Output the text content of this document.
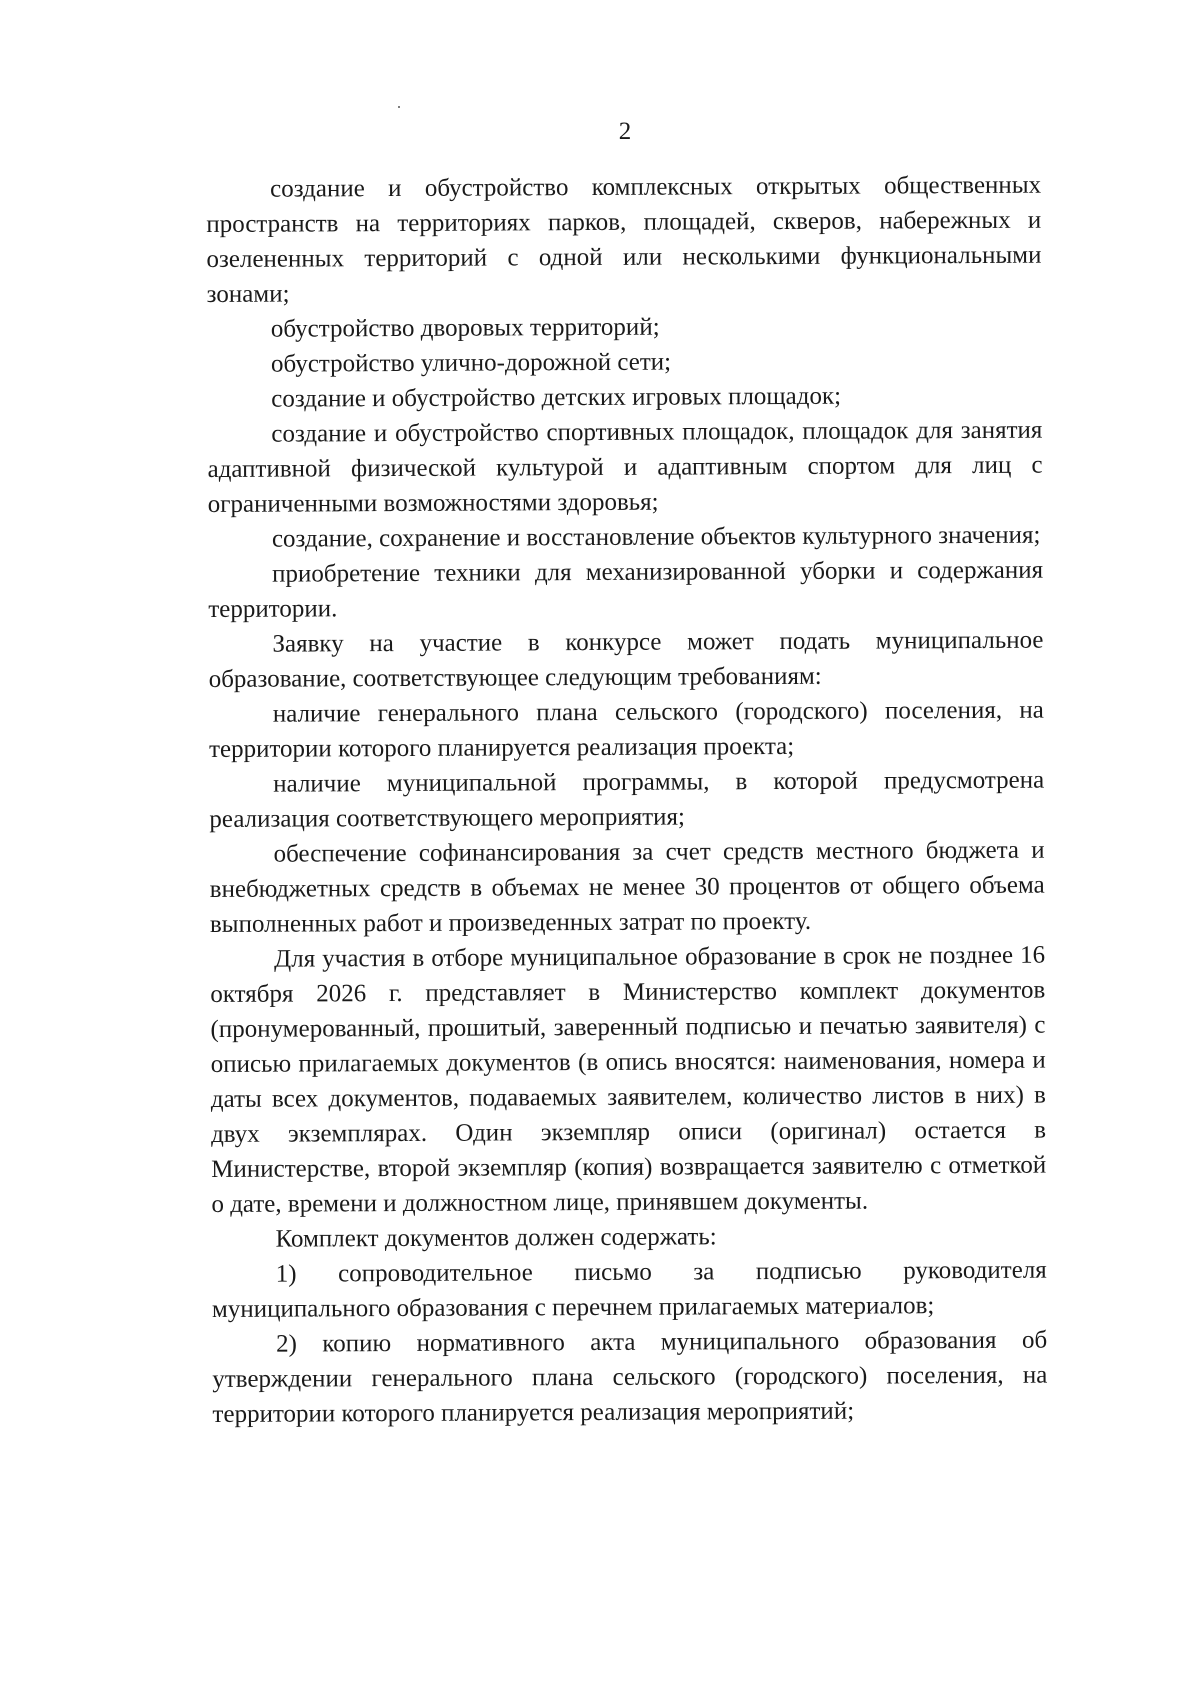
2

создание и обустройство комплексных открытых общественных пространств на территориях парков, площадей, скверов, набережных и озелененных территорий с одной или несколькими функциональными зонами;

обустройство дворовых территорий;

обустройство улично-дорожной сети;

создание и обустройство детских игровых площадок;

создание и обустройство спортивных площадок, площадок для занятия адаптивной физической культурой и адаптивным спортом для лиц с ограниченными возможностями здоровья;

создание, сохранение и восстановление объектов культурного значения;

приобретение техники для механизированной уборки и содержания территории.

Заявку на участие в конкурсе может подать муниципальное образование, соответствующее следующим требованиям:

наличие генерального плана сельского (городского) поселения, на территории которого планируется реализация проекта;

наличие муниципальной программы, в которой предусмотрена реализация соответствующего мероприятия;

обеспечение софинансирования за счет средств местного бюджета и внебюджетных средств в объемах не менее 30 процентов от общего объема выполненных работ и произведенных затрат по проекту.

Для участия в отборе муниципальное образование в срок не позднее 16 октября 2026 г. представляет в Министерство комплект документов (пронумерованный, прошитый, заверенный подписью и печатью заявителя) с описью прилагаемых документов (в опись вносятся: наименования, номера и даты всех документов, подаваемых заявителем, количество листов в них) в двух экземплярах. Один экземпляр описи (оригинал) остается в Министерстве, второй экземпляр (копия) возвращается заявителю с отметкой о дате, времени и должностном лице, принявшем документы.

Комплект документов должен содержать:

1) сопроводительное письмо за подписью руководителя муниципального образования с перечнем прилагаемых материалов;

2) копию нормативного акта муниципального образования об утверждении генерального плана сельского (городского) поселения, на территории которого планируется реализация мероприятий;
